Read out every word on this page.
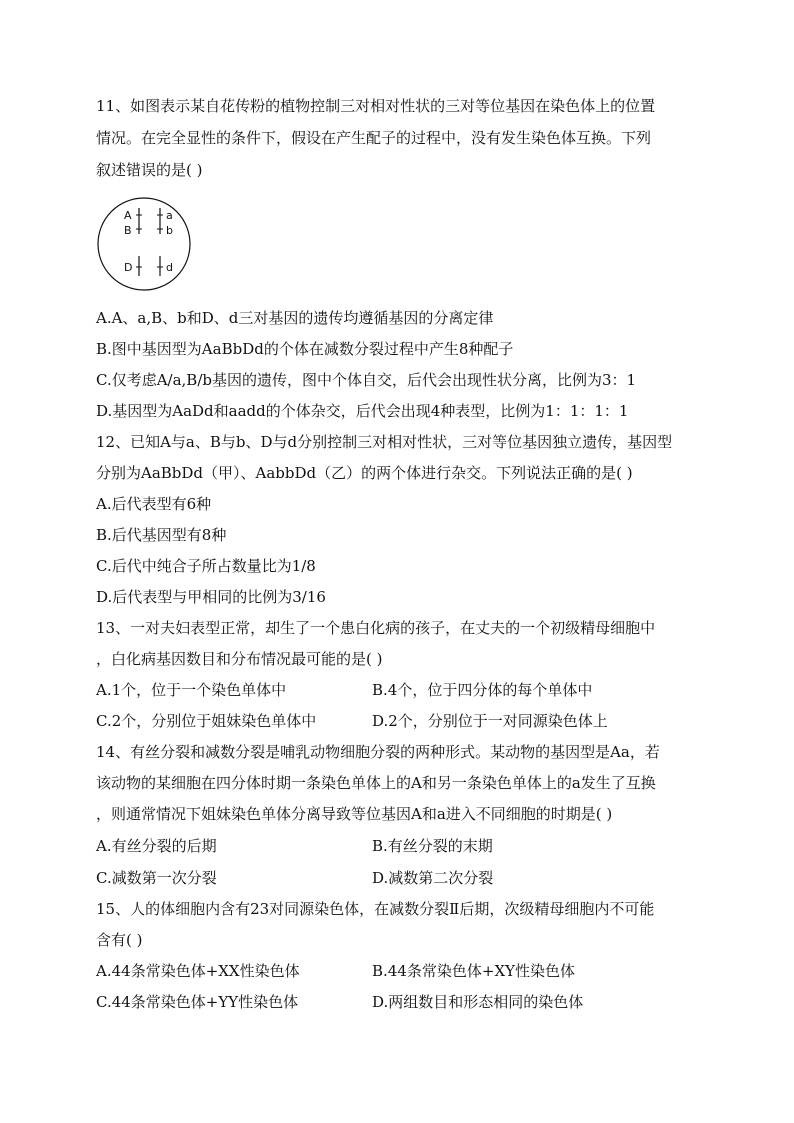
11、如图表示某自花传粉的植物控制三对相对性状的三对等位基因在染色体上的位置
情况。在完全显性的条件下，假设在产生配子的过程中，没有发生染色体互换。下列
叙述错误的是( )
A
B
a
b
D	d
A.A、a,B、b和D、d三对基因的遗传均遵循基因的分离定律
B.图中基因型为AaBbDd的个体在减数分裂过程中产生8种配子
C.仅考虑A/a,B/b基因的遗传，图中个体自交，后代会出现性状分离，比例为3：1
D.基因型为AaDd和aadd的个体杂交，后代会出现4种表型，比例为1：1：1：1
12、已知A与a、B与b、D与d分别控制三对相对性状，三对等位基因独立遗传，基因型
分别为AaBbDd（甲）、AabbDd（乙）的两个体进行杂交。下列说法正确的是( )
A.后代表型有6种
B.后代基因型有8种
C.后代中纯合子所占数量比为1/8
D.后代表型与甲相同的比例为3/16
13、一对夫妇表型正常，却生了一个患白化病的孩子，在丈夫的一个初级精母细胞中
，白化病基因数目和分布情况最可能的是( )
A.1个，位于一个染色单体中	B.4个，位于四分体的每个单体中
C.2个，分别位于姐妹染色单体中	D.2个，分别位于一对同源染色体上
14、有丝分裂和减数分裂是哺乳动物细胞分裂的两种形式。某动物的基因型是Aa，若
该动物的某细胞在四分体时期一条染色单体上的A和另一条染色单体上的a发生了互换
，则通常情况下姐妹染色单体分离导致等位基因A和a进入不同细胞的时期是( )
A.有丝分裂的后期	B.有丝分裂的末期
C.减数第一次分裂	D.减数第二次分裂
15、人的体细胞内含有23对同源染色体，在减数分裂Ⅱ后期，次级精母细胞内不可能
含有( )
A.44条常染色体+XX性染色体	B.44条常染色体+XY性染色体
C.44条常染色体+YY性染色体	D.两组数目和形态相同的染色体
